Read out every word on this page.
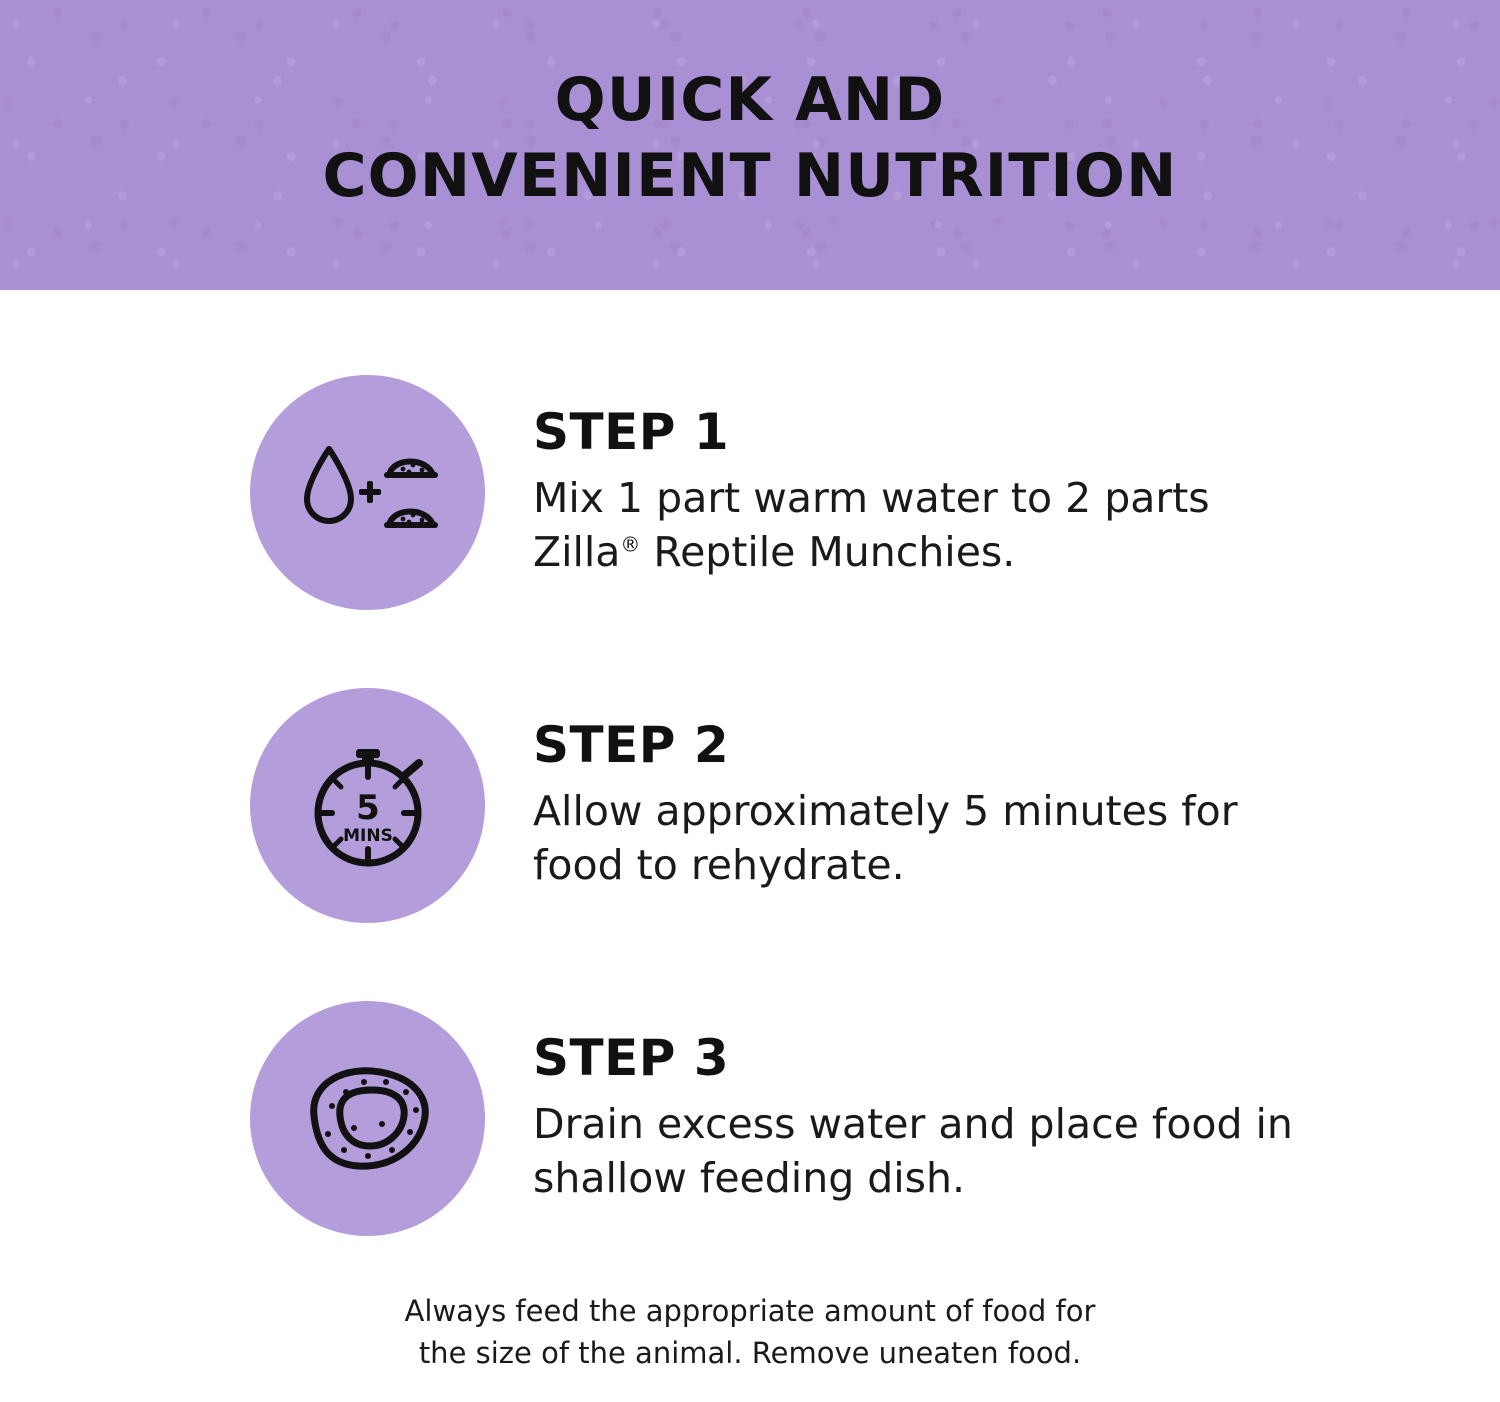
QUICK AND
CONVENIENT NUTRITION
STEP 1

Mix 1 part warm water to 2 parts Zilla® Reptile Munchies.

5
MINS
STEP 2

Allow approximately 5 minutes for food to rehydrate.

STEP 3

Drain excess water and place food in shallow feeding dish.

Always feed the appropriate amount of food for
the size of the animal. Remove uneaten food.
